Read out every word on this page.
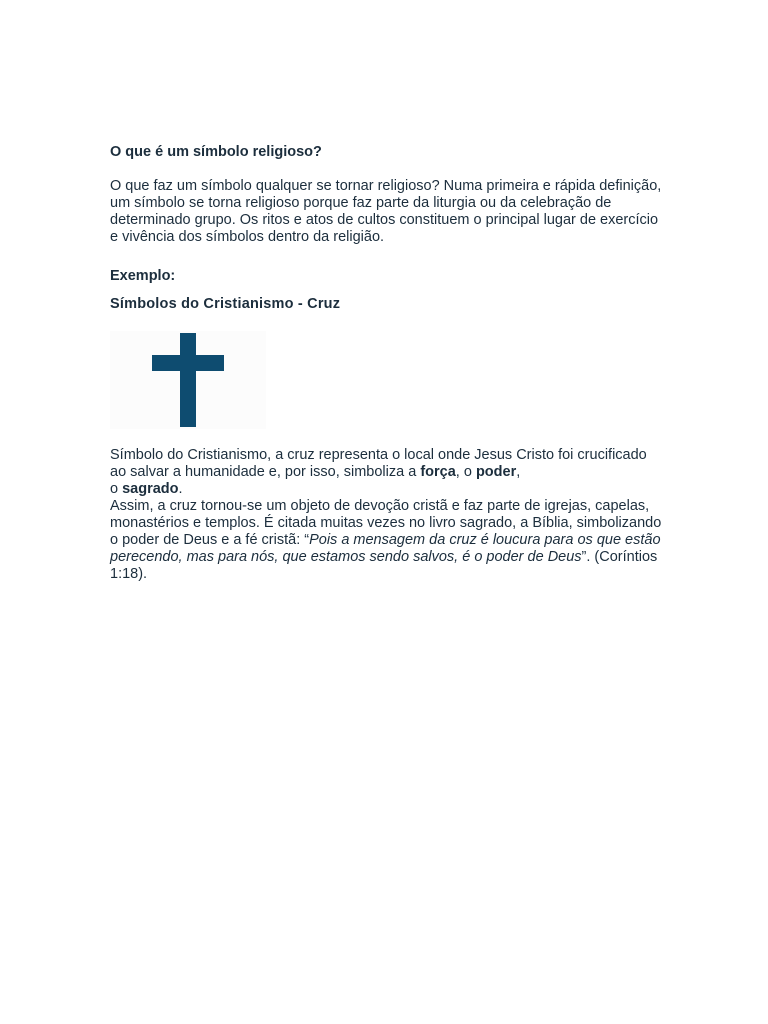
O que é um símbolo religioso?

O que faz um símbolo qualquer se tornar religioso? Numa primeira e rápida definição, um símbolo se torna religioso porque faz parte da liturgia ou da celebração de determinado grupo. Os ritos e atos de cultos constituem o principal lugar de exercício e vivência dos símbolos dentro da religião.

Exemplo:

Símbolos do Cristianismo - Cruz

Símbolo do Cristianismo, a cruz representa o local onde Jesus Cristo foi crucificado ao salvar a humanidade e, por isso, simboliza a força, o poder,
o sagrado.
Assim, a cruz tornou-se um objeto de devoção cristã e faz parte de igrejas, capelas, monastérios e templos. É citada muitas vezes no livro sagrado, a Bíblia, simbolizando o poder de Deus e a fé cristã: “Pois a mensagem da cruz é loucura para os que estão perecendo, mas para nós, que estamos sendo salvos, é o poder de Deus”. (Coríntios 1:18).
